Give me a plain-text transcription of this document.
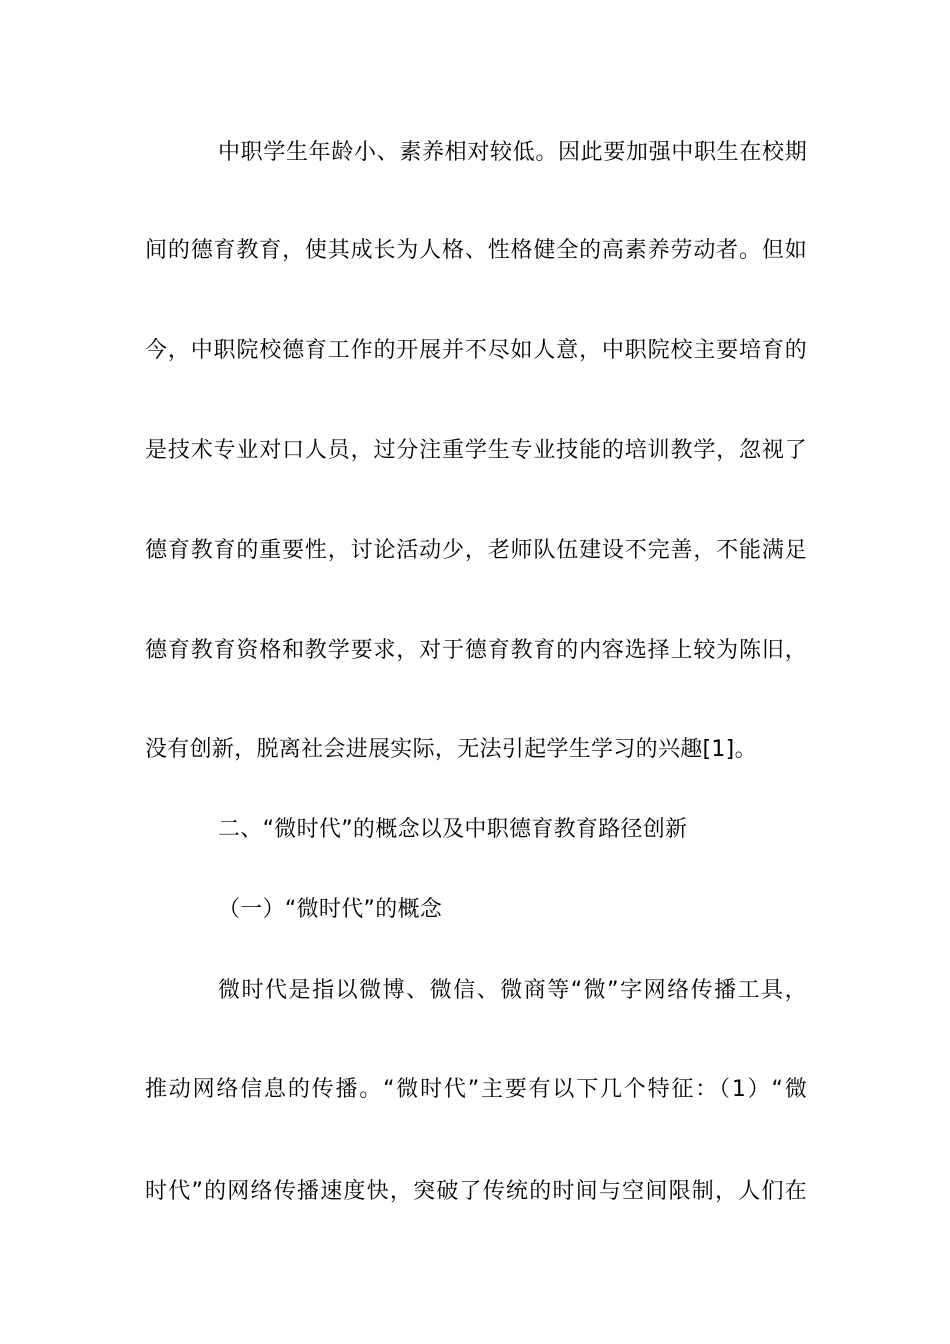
中职学生年龄小、素养相对较低。因此要加强中职生在校期
间的德育教育，使其成长为人格、性格健全的高素养劳动者。但如
今，中职院校德育工作的开展并不尽如人意，中职院校主要培育的
是技术专业对口人员，过分注重学生专业技能的培训教学，忽视了
德育教育的重要性，讨论活动少，老师队伍建设不完善，不能满足
德育教育资格和教学要求，对于德育教育的内容选择上较为陈旧，
没有创新，脱离社会进展实际，无法引起学生学习的兴趣[1]。
二、“微时代”的概念以及中职德育教育路径创新
（一）“微时代”的概念
微时代是指以微博、微信、微商等“微”字网络传播工具，
推动网络信息的传播。“微时代”主要有以下几个特征：（1）“微
时代”的网络传播速度快，突破了传统的时间与空间限制，人们在
